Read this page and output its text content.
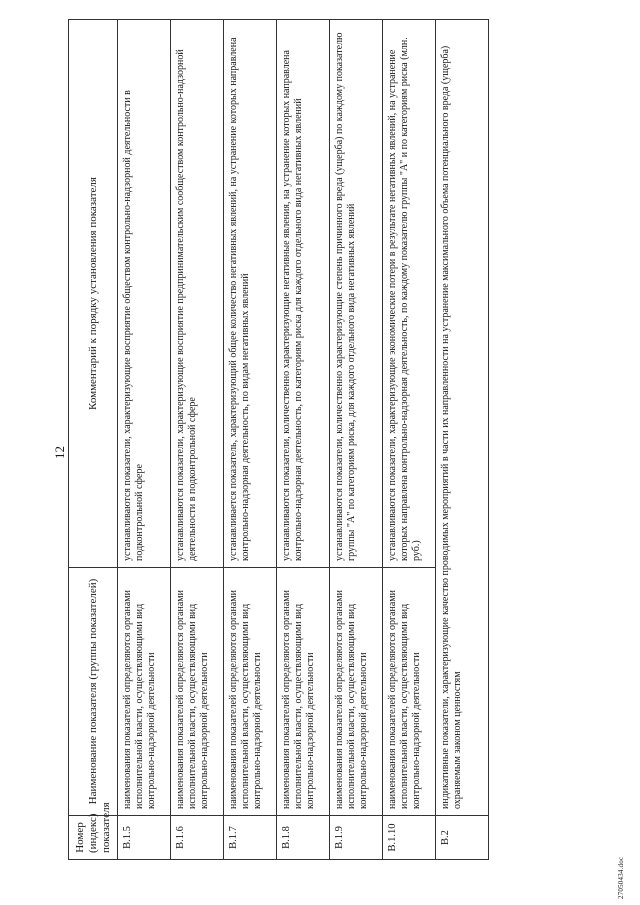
12
Номер (индекс) показателя	Наименование показателя (группы показателей)	Комментарий к порядку установления показателя
В.1.5	наименования показателей определяются органами исполнительной власти, осуществляющими вид контрольно-надзорной деятельности	устанавливаются показатели, характеризующие восприятие обществом контрольно-надзорной деятельности в подконтрольной сфере
В.1.6	наименования показателей определяются органами исполнительной власти, осуществляющими вид контрольно-надзорной деятельности	устанавливаются показатели, характеризующие восприятие предпринимательским сообществом контрольно-надзорной деятельности в подконтрольной сфере
В.1.7	наименования показателей определяются органами исполнительной власти, осуществляющими вид контрольно-надзорной деятельности	устанавливается показатель, характеризующий общее количество негативных явлений, на устранение которых направлена контрольно-надзорная деятельность, по видам негативных явлений
В.1.8	наименования показателей определяются органами исполнительной власти, осуществляющими вид контрольно-надзорной деятельности	устанавливаются показатели, количественно характеризующие негативные явления, на устранение которых направлена контрольно-надзорная деятельность, по категориям риска для каждого отдельного вида негативных явлений
В.1.9	наименования показателей определяются органами исполнительной власти, осуществляющими вид контрольно-надзорной деятельности	устанавливаются показатели, количественно характеризующие степень причинного вреда (ущерба) по каждому показателю группы "А" по категориям риска, для каждого отдельного вида негативных явлений
В.1.10	наименования показателей определяются органами исполнительной власти, осуществляющими вид контрольно-надзорной деятельности	устанавливаются показатели, характеризующие экономические потери в результате негативных явлений, на устранение которых направлена контрольно-надзорная деятельность, по каждому показателю группы "А" и по категориям риска (млн. руб.)
В.2	индикативные показатели, характеризующие качество проводимых мероприятий в части их направленности на устранение максимального объема потенциального вреда (ущерба) охраняемым законом ценностям	
27050434.doc
